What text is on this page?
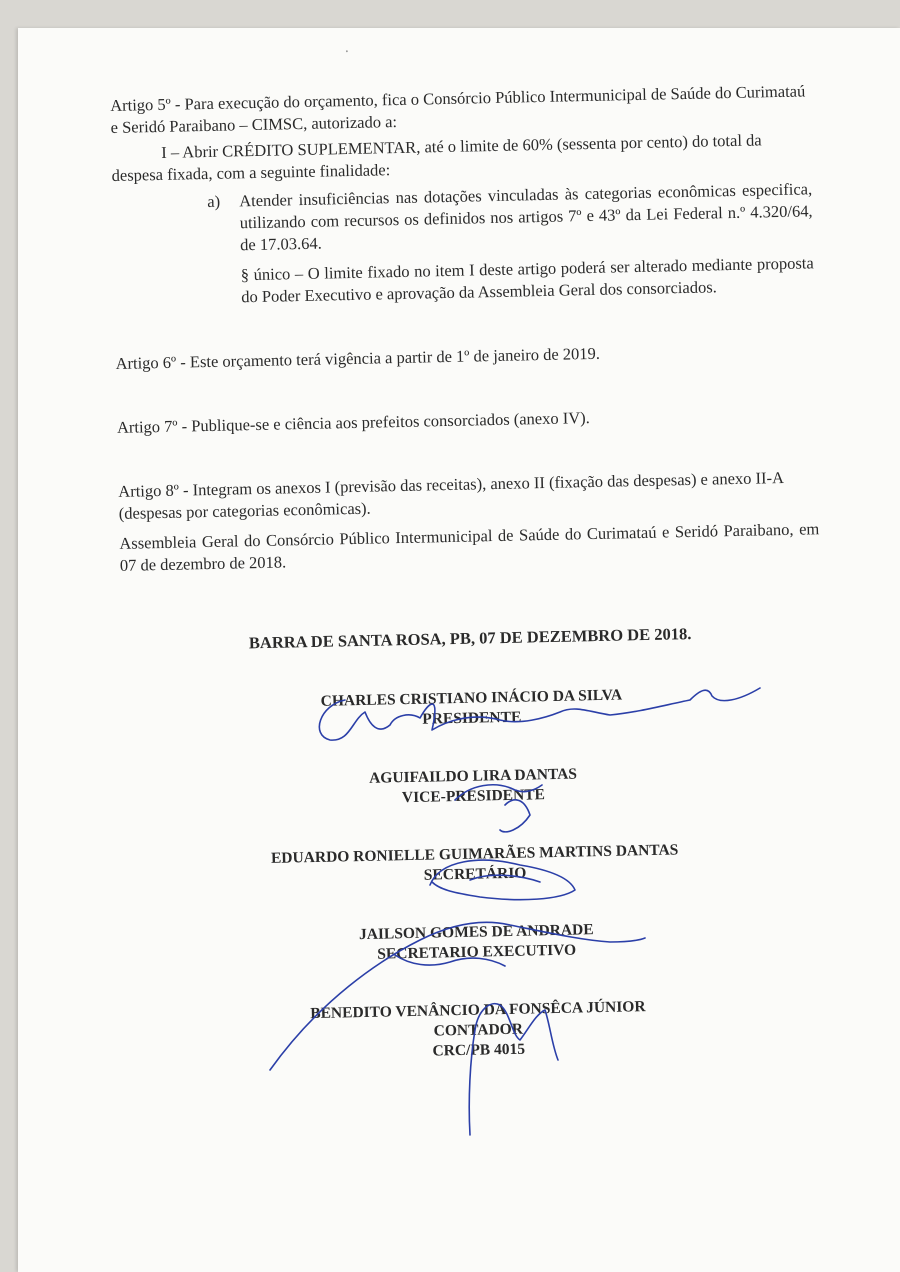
Artigo 5º - Para execução do orçamento, fica o Consórcio Público Intermunicipal de Saúde do Curimataú e Seridó Paraibano – CIMSC, autorizado a:

I – Abrir CRÉDITO SUPLEMENTAR, até o limite de 60% (sessenta por cento) do total da despesa fixada, com a seguinte finalidade:

a)	Atender insuficiências nas dotações vinculadas às categorias econômicas especifica, utilizando com recursos os definidos nos artigos 7º e 43º da Lei Federal n.º 4.320/64, de 17.03.64.

§ único – O limite fixado no item I deste artigo poderá ser alterado mediante proposta do Poder Executivo e aprovação da Assembleia Geral dos consorciados.

Artigo 6º - Este orçamento terá vigência a partir de 1º de janeiro de 2019.

Artigo 7º - Publique-se e ciência aos prefeitos consorciados (anexo IV).

Artigo 8º - Integram os anexos I (previsão das receitas), anexo II (fixação das despesas) e anexo II-A (despesas por categorias econômicas).

Assembleia Geral do Consórcio Público Intermunicipal de Saúde do Curimataú e Seridó Paraibano, em 07 de dezembro de 2018.

BARRA DE SANTA ROSA, PB, 07 DE DEZEMBRO DE 2018.
CHARLES CRISTIANO INÁCIO DA SILVA
PRESIDENTE
AGUIFAILDO LIRA DANTAS
VICE-PRESIDENTE
EDUARDO RONIELLE GUIMARÃES MARTINS DANTAS
SECRETÁRIO
JAILSON GOMES DE ANDRADE
SECRETARIO EXECUTIVO
BENEDITO VENÂNCIO DA FONSÊCA JÚNIOR
CONTADOR
CRC/PB 4015
⸱
